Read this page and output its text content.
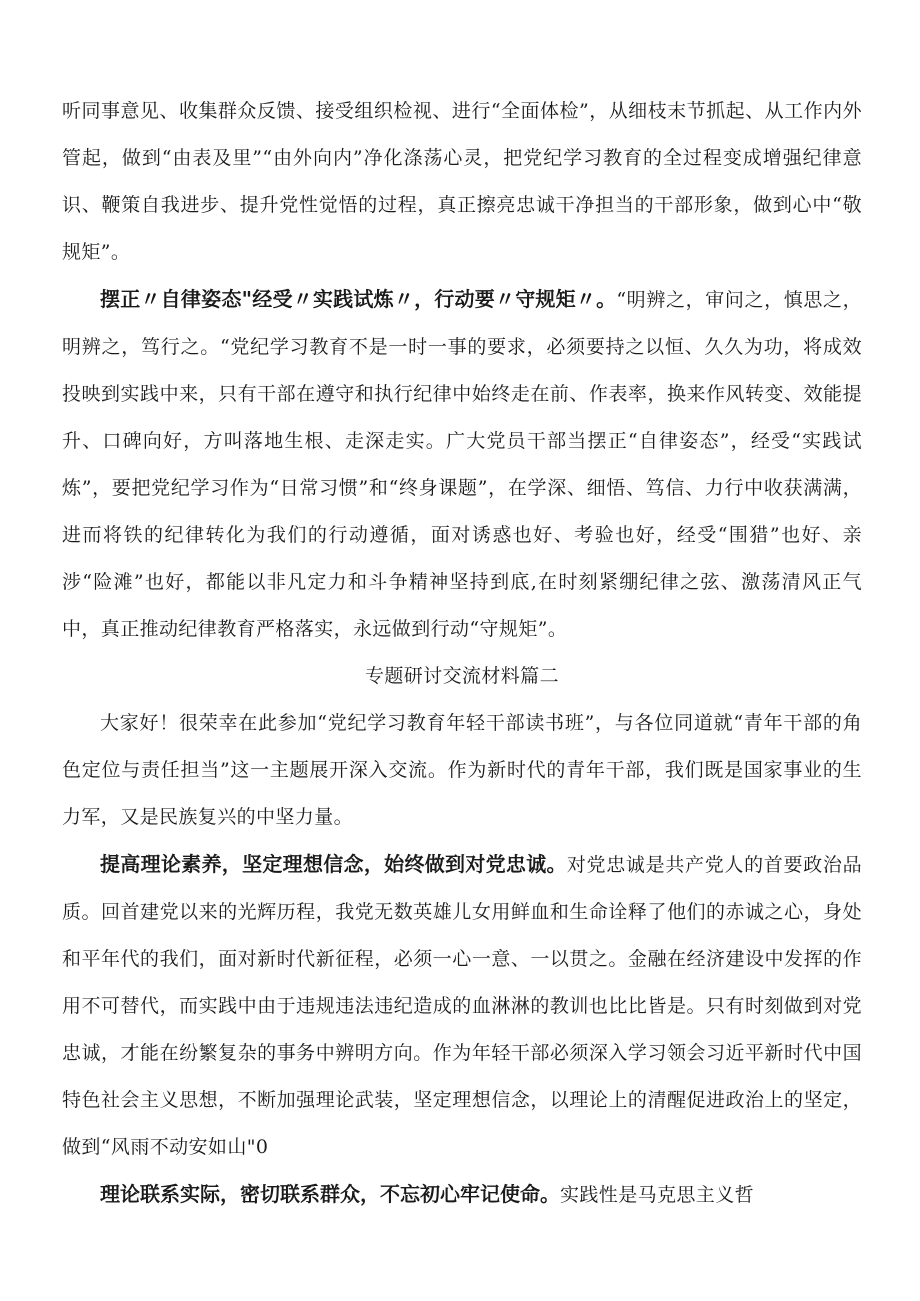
听同事意见、收集群众反馈、接受组织检视、进行“全面体检”，从细枝末节抓起、从工作内外管起，做到“由表及里”“由外向内”净化涤荡心灵，把党纪学习教育的全过程变成增强纪律意识、鞭策自我进步、提升党性觉悟的过程，真正擦亮忠诚干净担当的干部形象，做到心中“敬规矩”。

摆正〃自律姿态"经受〃实践试炼〃，行动要〃守规矩〃。“明辨之，审问之，慎思之，明辨之，笃行之。“党纪学习教育不是一时一事的要求，必须要持之以恒、久久为功，将成效投映到实践中来，只有干部在遵守和执行纪律中始终走在前、作表率，换来作风转变、效能提升、口碑向好，方叫落地生根、走深走实。广大党员干部当摆正“自律姿态”，经受“实践试炼”，要把党纪学习作为“日常习惯”和“终身课题”，在学深、细悟、笃信、力行中收获满满，进而将铁的纪律转化为我们的行动遵循，面对诱惑也好、考验也好，经受“围猎”也好、亲涉“险滩”也好，都能以非凡定力和斗争精神坚持到底,在时刻紧绷纪律之弦、激荡清风正气中，真正推动纪律教育严格落实，永远做到行动“守规矩”。

专题研讨交流材料篇二

大家好！很荣幸在此参加“党纪学习教育年轻干部读书班”，与各位同道就“青年干部的角色定位与责任担当”这一主题展开深入交流。作为新时代的青年干部，我们既是国家事业的生力军，又是民族复兴的中坚力量。

提高理论素养，坚定理想信念，始终做到对党忠诚。对党忠诚是共产党人的首要政治品质。回首建党以来的光辉历程，我党无数英雄儿女用鲜血和生命诠释了他们的赤诚之心，身处和平年代的我们，面对新时代新征程，必须一心一意、一以贯之。金融在经济建设中发挥的作用不可替代，而实践中由于违规违法违纪造成的血淋淋的教训也比比皆是。只有时刻做到对党忠诚，才能在纷繁复杂的事务中辨明方向。作为年轻干部必须深入学习领会习近平新时代中国特色社会主义思想，不断加强理论武装，坚定理想信念，以理论上的清醒促进政治上的坚定，做到“风雨不动安如山"0

理论联系实际，密切联系群众，不忘初心牢记使命。实践性是马克思主义哲
